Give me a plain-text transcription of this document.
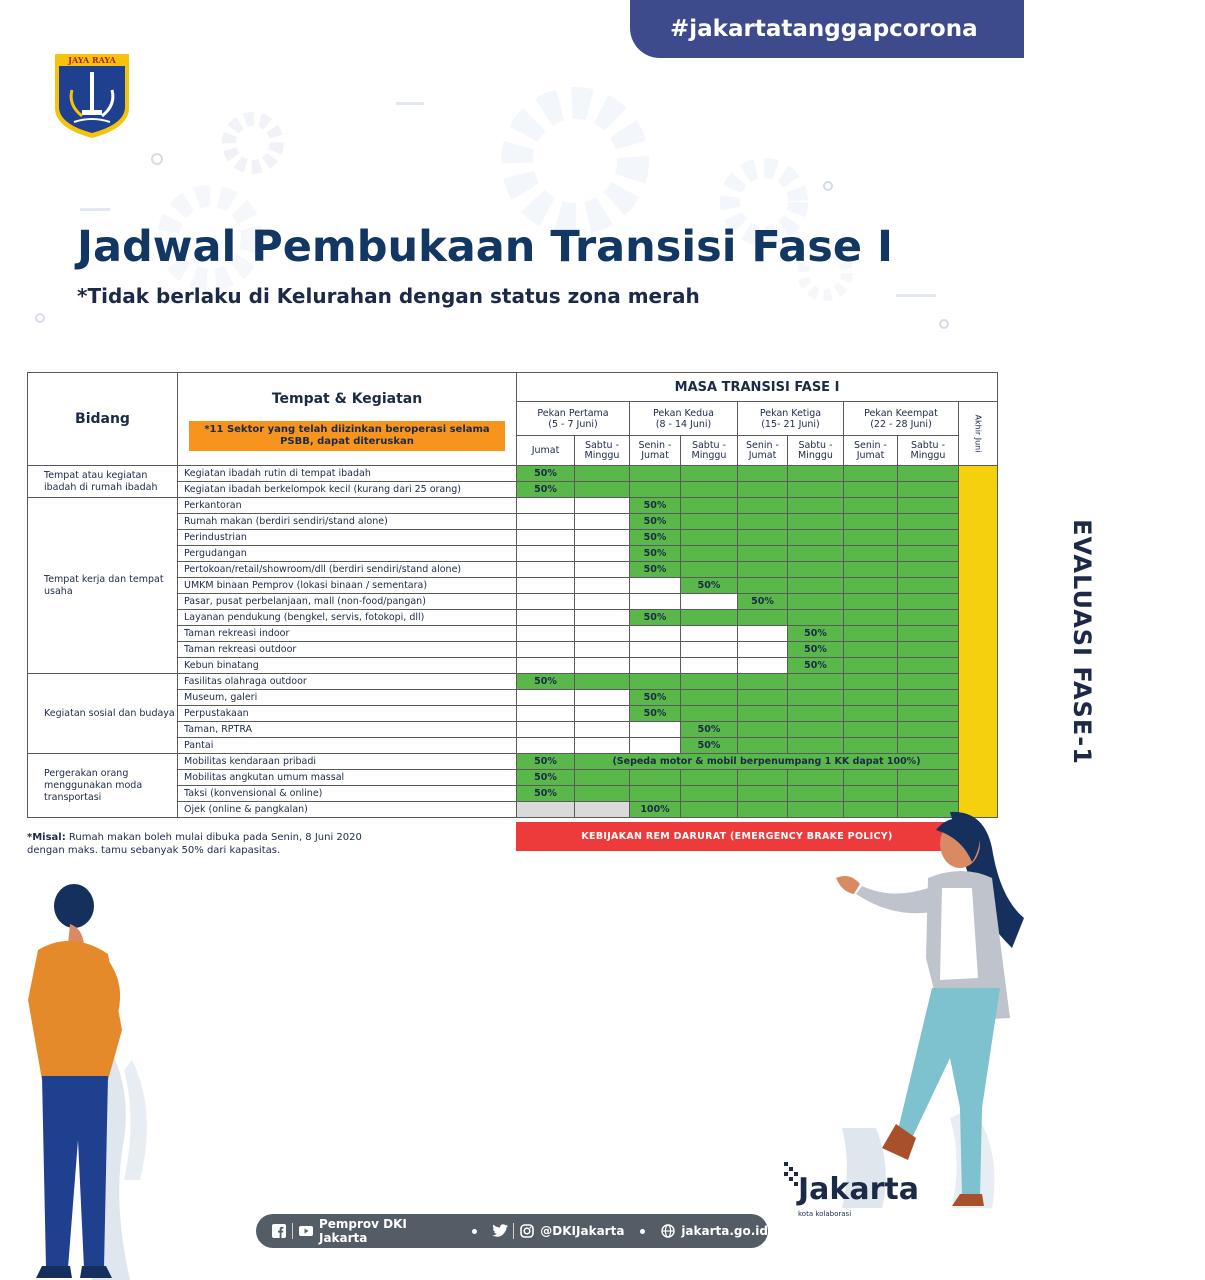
#jakartatanggapcorona
JAYA RAYA
Jadwal Pembukaan Transisi Fase I
*Tidak berlaku di Kelurahan dengan status zona merah
Bidang	Tempat & Kegiatan
*11 Sektor yang telah diizinkan beroperasi selama PSBB, dapat diteruskan	MASA TRANSISI FASE I								
		Pekan Pertama
(5 - 7 Juni)		Pekan Kedua
(8 - 14 Juni)		Pekan Ketiga
(15- 21 Juni)		Pekan Keempat
(22 - 28 Juni)		Akhir Juni
		Jumat	Sabtu - Minggu	Senin - Jumat	Sabtu - Minggu	Senin - Jumat	Sabtu - Minggu	Senin - Jumat	Sabtu - Minggu	
Tempat atau kegiatan ibadah di rumah ibadah	Kegiatan ibadah rutin di tempat ibadah	50%								EVALUASI FASE-1
	Kegiatan ibadah berkelompok kecil (kurang dari 25 orang)	50%								
Tempat kerja dan tempat usaha	Perkantoran			50%						
	Rumah makan (berdiri sendiri/stand alone)			50%						
	Perindustrian			50%						
	Pergudangan			50%						
	Pertokoan/retail/showroom/dll (berdiri sendiri/stand alone)			50%						
	UMKM binaan Pemprov (lokasi binaan / sementara)				50%					
	Pasar, pusat perbelanjaan, mall (non-food/pangan)					50%				
	Layanan pendukung (bengkel, servis, fotokopi, dll)			50%						
	Taman rekreasi indoor						50%			
	Taman rekreasi outdoor						50%			
	Kebun binatang						50%			
Kegiatan sosial dan budaya	Fasilitas olahraga outdoor	50%								
	Museum, galeri			50%						
	Perpustakaan			50%						
	Taman, RPTRA				50%					
	Pantai				50%					
Pergerakan orang menggunakan moda transportasi	Mobilitas kendaraan pribadi	50%	(Sepeda motor & mobil berpenumpang 1 KK dapat 100%)							
	Mobilitas angkutan umum massal	50%								
	Taksi (konvensional & online)	50%								
	Ojek (online & pangkalan)			100%						
KEBIJAKAN REM DARURAT (EMERGENCY BRAKE POLICY)
*Misal: Rumah makan boleh mulai dibuka pada Senin, 8 Juni 2020
dengan maks. tamu sebanyak 50% dari kapasitas.
Jakarta
kota kolaborasi
Pemprov DKI Jakarta	@DKIJakarta	jakarta.go.id
